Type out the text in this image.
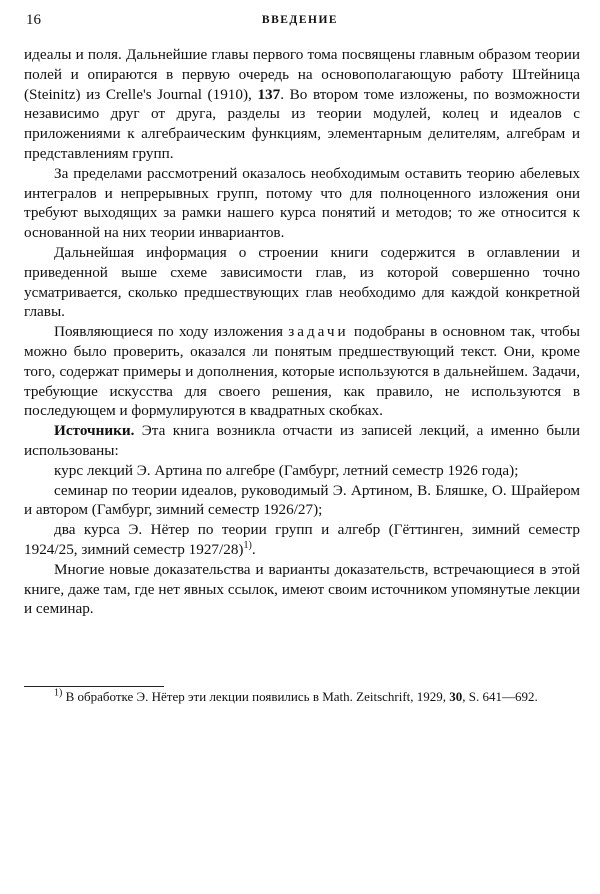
16	ВВЕДЕНИЕ

идеалы и поля. Дальнейшие главы первого тома посвящены главным образом теории полей и опираются в первую очередь на основополагающую работу Штейница (Steinitz) из Crelle's Journal (1910), 137. Во втором томе изложены, по возможности независимо друг от друга, разделы из теории модулей, колец и идеалов с приложениями к алгебраическим функциям, элементарным делителям, алгебрам и представлениям групп.

За пределами рассмотрений оказалось необходимым оставить теорию абелевых интегралов и непрерывных групп, потому что для полноценного изложения они требуют выходящих за рамки нашего курса понятий и методов; то же относится к основанной на них теории инвариантов.

Дальнейшая информация о строении книги содержится в оглавлении и приведенной выше схеме зависимости глав, из которой совершенно точно усматривается, сколько предшествующих глав необходимо для каждой конкретной главы.

Появляющиеся по ходу изложения задачи подобраны в основном так, чтобы можно было проверить, оказался ли понятым предшествующий текст. Они, кроме того, содержат примеры и дополнения, которые используются в дальнейшем. Задачи, требующие искусства для своего решения, как правило, не используются в последующем и формулируются в квадратных скобках.

Источники. Эта книга возникла отчасти из записей лекций, а именно были использованы:

курс лекций Э. Артина по алгебре (Гамбург, летний семестр 1926 года);

семинар по теории идеалов, руководимый Э. Артином, В. Бляшке, О. Шрайером и автором (Гамбург, зимний семестр 1926/27);

два курса Э. Нётер по теории групп и алгебр (Гёттинген, зимний семестр 1924/25, зимний семестр 1927/28)$^{1)}$.

Многие новые доказательства и варианты доказательств, встречающиеся в этой книге, даже там, где нет явных ссылок, имеют своим источником упомянутые лекции и семинар.

$^{1)}$ В обработке Э. Нётер эти лекции появились в Math. Zeitschrift, 1929, 30, S. 641—692.
